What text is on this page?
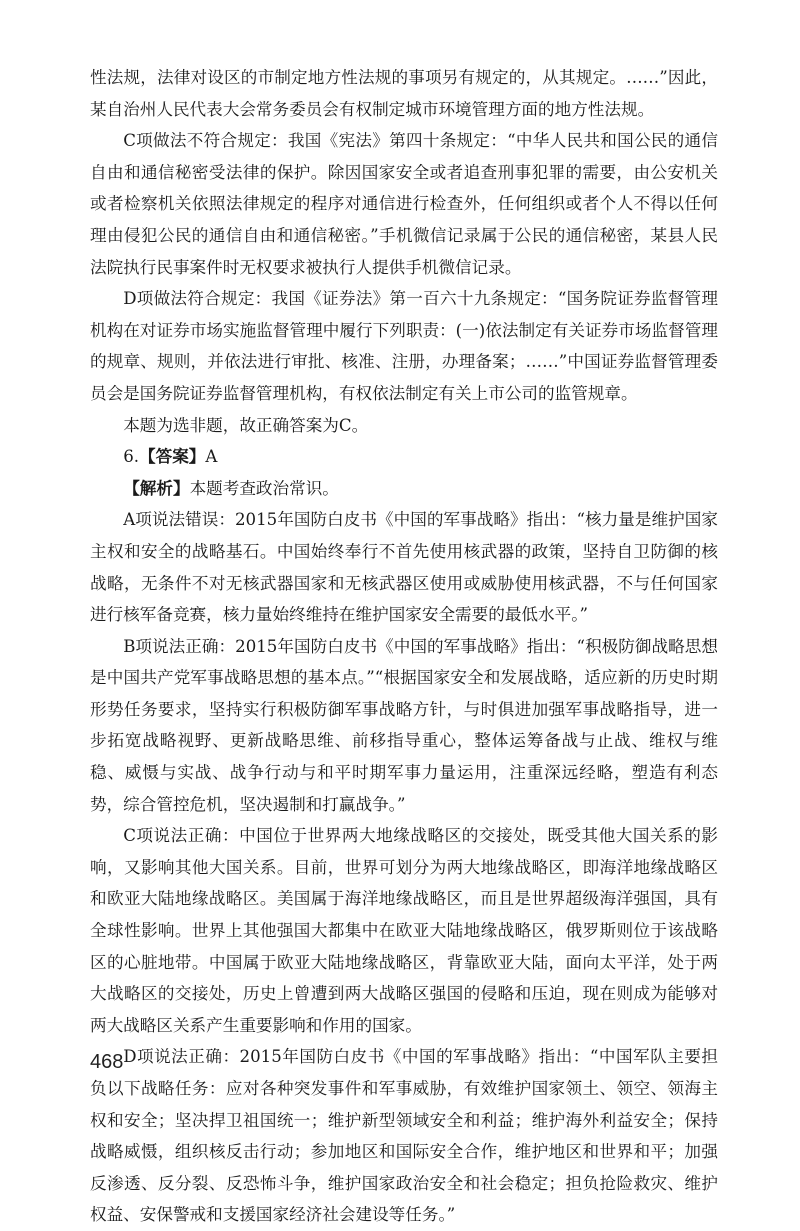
性法规，法律对设区的市制定地方性法规的事项另有规定的，从其规定。……”因此，某自治州人民代表大会常务委员会有权制定城市环境管理方面的地方性法规。

C项做法不符合规定：我国《宪法》第四十条规定：“中华人民共和国公民的通信自由和通信秘密受法律的保护。除因国家安全或者追查刑事犯罪的需要，由公安机关或者检察机关依照法律规定的程序对通信进行检查外，任何组织或者个人不得以任何理由侵犯公民的通信自由和通信秘密。”手机微信记录属于公民的通信秘密，某县人民法院执行民事案件时无权要求被执行人提供手机微信记录。

D项做法符合规定：我国《证券法》第一百六十九条规定：“国务院证券监督管理机构在对证券市场实施监督管理中履行下列职责：(一)依法制定有关证券市场监督管理的规章、规则，并依法进行审批、核准、注册，办理备案；……”中国证券监督管理委员会是国务院证券监督管理机构，有权依法制定有关上市公司的监管规章。

本题为选非题，故正确答案为C。

6.【答案】A

【解析】本题考查政治常识。

A项说法错误：2015年国防白皮书《中国的军事战略》指出：“核力量是维护国家主权和安全的战略基石。中国始终奉行不首先使用核武器的政策，坚持自卫防御的核战略，无条件不对无核武器国家和无核武器区使用或威胁使用核武器，不与任何国家进行核军备竞赛，核力量始终维持在维护国家安全需要的最低水平。”

B项说法正确：2015年国防白皮书《中国的军事战略》指出：“积极防御战略思想是中国共产党军事战略思想的基本点。”“根据国家安全和发展战略，适应新的历史时期形势任务要求，坚持实行积极防御军事战略方针，与时俱进加强军事战略指导，进一步拓宽战略视野、更新战略思维、前移指导重心，整体运筹备战与止战、维权与维稳、威慑与实战、战争行动与和平时期军事力量运用，注重深远经略，塑造有利态势，综合管控危机，坚决遏制和打赢战争。”

C项说法正确：中国位于世界两大地缘战略区的交接处，既受其他大国关系的影响，又影响其他大国关系。目前，世界可划分为两大地缘战略区，即海洋地缘战略区和欧亚大陆地缘战略区。美国属于海洋地缘战略区，而且是世界超级海洋强国，具有全球性影响。世界上其他强国大都集中在欧亚大陆地缘战略区，俄罗斯则位于该战略区的心脏地带。中国属于欧亚大陆地缘战略区，背靠欧亚大陆，面向太平洋，处于两大战略区的交接处，历史上曾遭到两大战略区强国的侵略和压迫，现在则成为能够对两大战略区关系产生重要影响和作用的国家。

D项说法正确：2015年国防白皮书《中国的军事战略》指出：“中国军队主要担负以下战略任务：应对各种突发事件和军事威胁，有效维护国家领土、领空、领海主权和安全；坚决捍卫祖国统一；维护新型领域安全和利益；维护海外利益安全；保持战略威慑，组织核反击行动；参加地区和国际安全合作，维护地区和世界和平；加强反渗透、反分裂、反恐怖斗争，维护国家政治安全和社会稳定；担负抢险救灾、维护权益、安保警戒和支援国家经济社会建设等任务。”

468
